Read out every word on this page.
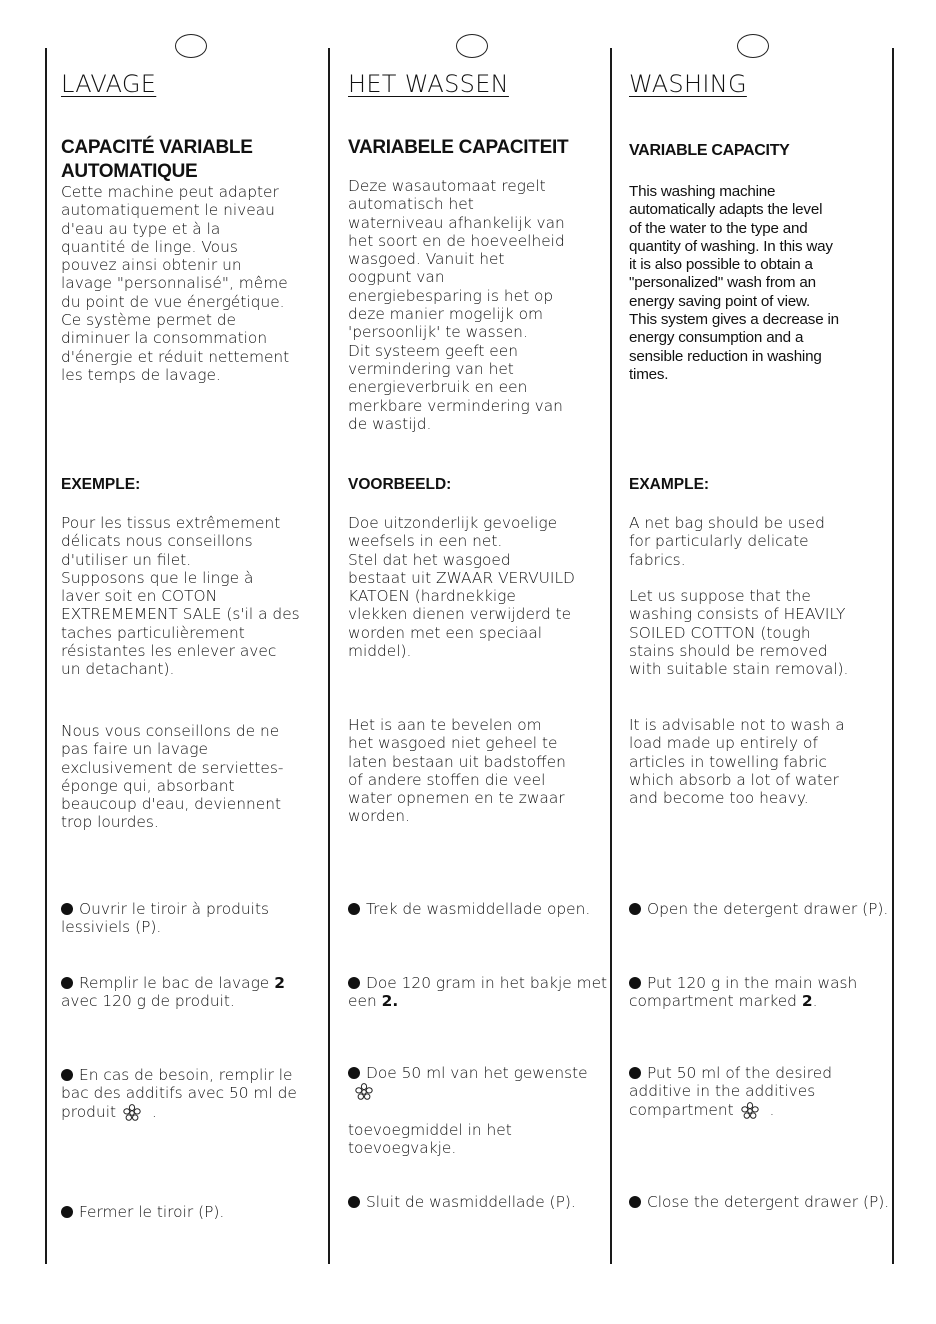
LAVAGE
CAPACITÉ VARIABLE
AUTOMATIQUE
Cette machine peut adapter
automatiquement le niveau
d'eau au type et à la
quantité de linge. Vous
pouvez ainsi obtenir un
lavage "personnalisé", même
du point de vue énergétique.
Ce système permet de
diminuer la consommation
d'énergie et réduit nettement
les temps de lavage.
EXEMPLE:
Pour les tissus extrêmement
délicats nous conseillons
d'utiliser un filet.
Supposons que le linge à
laver soit en COTON
EXTREMEMENT SALE (s'il a des
taches particulièrement
résistantes les enlever avec
un detachant).
Nous vous conseillons de ne
pas faire un lavage
exclusivement de serviettes-
éponge qui, absorbant
beaucoup d'eau, deviennent
trop lourdes.
Ouvrir le tiroir à produits lessiviels (P).
Remplir le bac de lavage 2 avec 120 g de produit.
En cas de besoin, remplir le bac des additifs avec 50 ml de produit .
Fermer le tiroir (P).
HET WASSEN
VARIABELE CAPACITEIT
Deze wasautomaat regelt
automatisch het
waterniveau afhankelijk van
het soort en de hoeveelheid
wasgoed. Vanuit het
oogpunt van
energiebesparing is het op
deze manier mogelijk om
'persoonlijk' te wassen.
Dit systeem geeft een
vermindering van het
energieverbruik en een
merkbare vermindering van
de wastijd.
VOORBEELD:
Doe uitzonderlijk gevoelige
weefsels in een net.
Stel dat het wasgoed
bestaat uit ZWAAR VERVUILD
KATOEN (hardnekkige
vlekken dienen verwijderd te
worden met een speciaal
middel).
Het is aan te bevelen om
het wasgoed niet geheel te
laten bestaan uit badstoffen
of andere stoffen die veel
water opnemen en te zwaar
worden.
Trek de wasmiddellade open.
Doe 120 gram in het bakje met een 2.
Doe 50 ml van het gewenste
toevoegmiddel in het toevoegvakje.
Sluit de wasmiddellade (P).
WASHING
VARIABLE CAPACITY
This washing machine
automatically adapts the level
of the water to the type and
quantity of washing. In this way
it is also possible to obtain a
"personalized" wash from an
energy saving point of view.
This system gives a decrease in
energy consumption and a
sensible reduction in washing
times.
EXAMPLE:
A net bag should be used
for particularly delicate
fabrics.

Let us suppose that the
washing consists of HEAVILY
SOILED COTTON (tough
stains should be removed
with suitable stain removal).
It is advisable not to wash a
load made up entirely of
articles in towelling fabric
which absorb a lot of water
and become too heavy.
Open the detergent drawer (P).
Put 120 g in the main wash compartment marked 2.
Put 50 ml of the desired additive in the additives compartment .
Close the detergent drawer (P).
